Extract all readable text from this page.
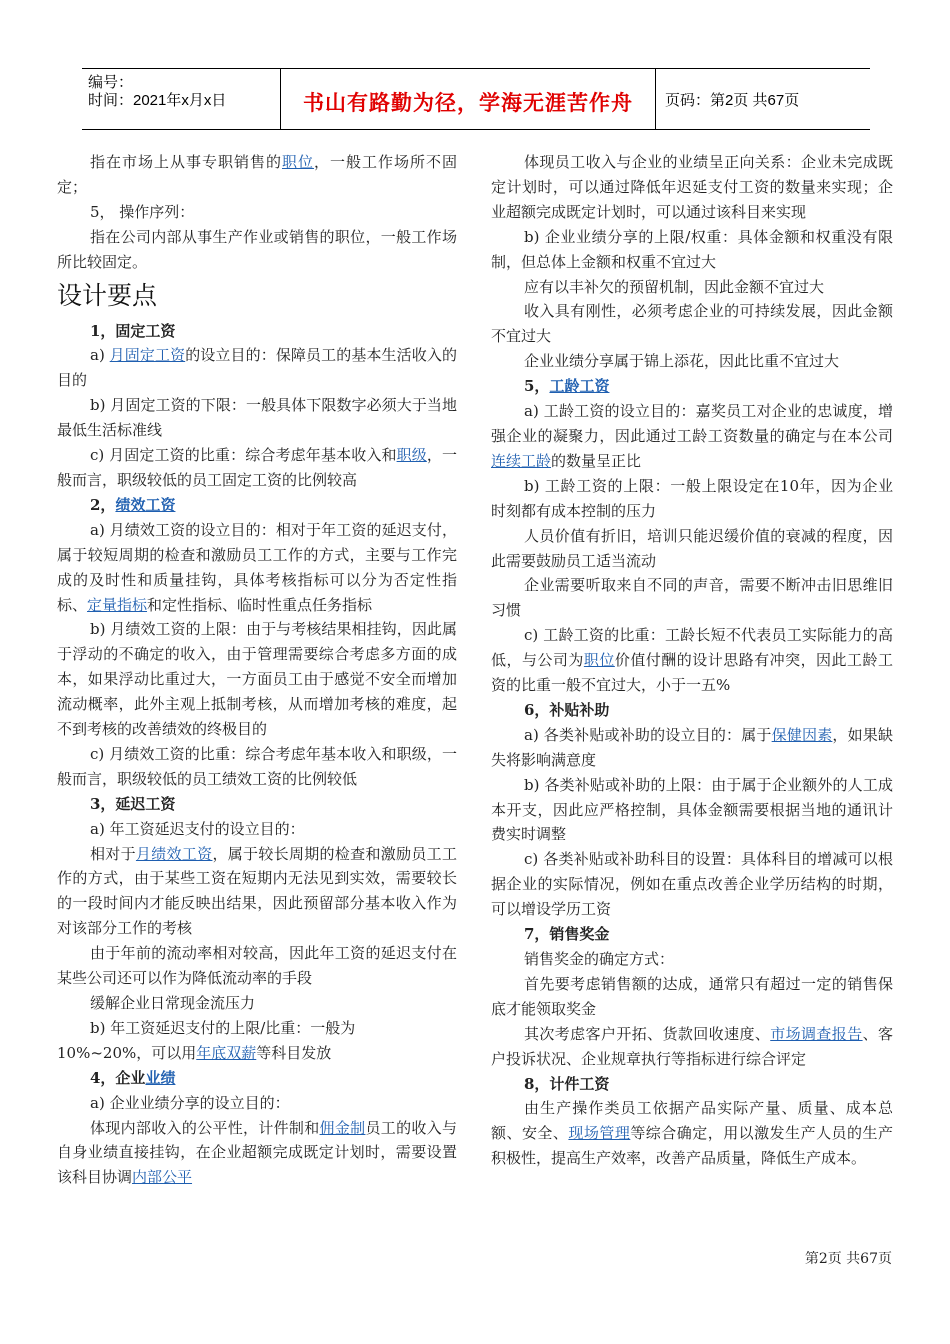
编号：
时间：2021年x月x日	书山有路勤为径，学海无涯苦作舟	页码：第2页 共67页

指在市场上从事专职销售的职位，一般工作场所不固定；

5， 操作序列：

指在公司内部从事生产作业或销售的职位，一般工作场所比较固定。

设计要点

1，固定工资

a) 月固定工资的设立目的：保障员工的基本生活收入的目的

b) 月固定工资的下限：一般具体下限数字必须大于当地最低生活标准线

c) 月固定工资的比重：综合考虑年基本收入和职级，一般而言，职级较低的员工固定工资的比例较高

2，绩效工资

a) 月绩效工资的设立目的：相对于年工资的延迟支付，属于较短周期的检查和激励员工工作的方式，主要与工作完成的及时性和质量挂钩，具体考核指标可以分为否定性指标、定量指标和定性指标、临时性重点任务指标

b) 月绩效工资的上限：由于与考核结果相挂钩，因此属于浮动的不确定的收入，由于管理需要综合考虑多方面的成本，如果浮动比重过大，一方面员工由于感觉不安全而增加流动概率，此外主观上抵制考核，从而增加考核的难度，起不到考核的改善绩效的终极目的

c) 月绩效工资的比重：综合考虑年基本收入和职级，一般而言，职级较低的员工绩效工资的比例较低

3，延迟工资

a) 年工资延迟支付的设立目的：

相对于月绩效工资，属于较长周期的检查和激励员工工作的方式，由于某些工资在短期内无法见到实效，需要较长的一段时间内才能反映出结果，因此预留部分基本收入作为对该部分工作的考核

由于年前的流动率相对较高，因此年工资的延迟支付在某些公司还可以作为降低流动率的手段

缓解企业日常现金流压力

b) 年工资延迟支付的上限/比重：一般为

10%~20%，可以用年底双薪等科目发放

4，企业业绩

a) 企业业绩分享的设立目的：

体现内部收入的公平性，计件制和佣金制员工的收入与自身业绩直接挂钩，在企业超额完成既定计划时，需要设置该科目协调内部公平

体现员工收入与企业的业绩呈正向关系：企业未完成既定计划时，可以通过降低年迟延支付工资的数量来实现；企业超额完成既定计划时，可以通过该科目来实现

b) 企业业绩分享的上限/权重：具体金额和权重没有限制，但总体上金额和权重不宜过大

应有以丰补欠的预留机制，因此金额不宜过大

收入具有刚性，必须考虑企业的可持续发展，因此金额不宜过大

企业业绩分享属于锦上添花，因此比重不宜过大

5，工龄工资

a) 工龄工资的设立目的：嘉奖员工对企业的忠诚度，增强企业的凝聚力，因此通过工龄工资数量的确定与在本公司连续工龄的数量呈正比

b) 工龄工资的上限：一般上限设定在10年，因为企业时刻都有成本控制的压力

人员价值有折旧，培训只能迟缓价值的衰减的程度，因此需要鼓励员工适当流动

企业需要听取来自不同的声音，需要不断冲击旧思维旧习惯

c) 工龄工资的比重：工龄长短不代表员工实际能力的高低，与公司为职位价值付酬的设计思路有冲突，因此工龄工资的比重一般不宜过大，小于一五%

6，补贴补助

a) 各类补贴或补助的设立目的：属于保健因素，如果缺失将影响满意度

b) 各类补贴或补助的上限：由于属于企业额外的人工成本开支，因此应严格控制，具体金额需要根据当地的通讯计费实时调整

c) 各类补贴或补助科目的设置：具体科目的增减可以根据企业的实际情况，例如在重点改善企业学历结构的时期，可以增设学历工资

7，销售奖金

销售奖金的确定方式：

首先要考虑销售额的达成，通常只有超过一定的销售保底才能领取奖金

其次考虑客户开拓、货款回收速度、市场调查报告、客户投诉状况、企业规章执行等指标进行综合评定

8，计件工资

由生产操作类员工依据产品实际产量、质量、成本总额、安全、现场管理等综合确定，用以激发生产人员的生产积极性，提高生产效率，改善产品质量，降低生产成本。

第2页 共67页
